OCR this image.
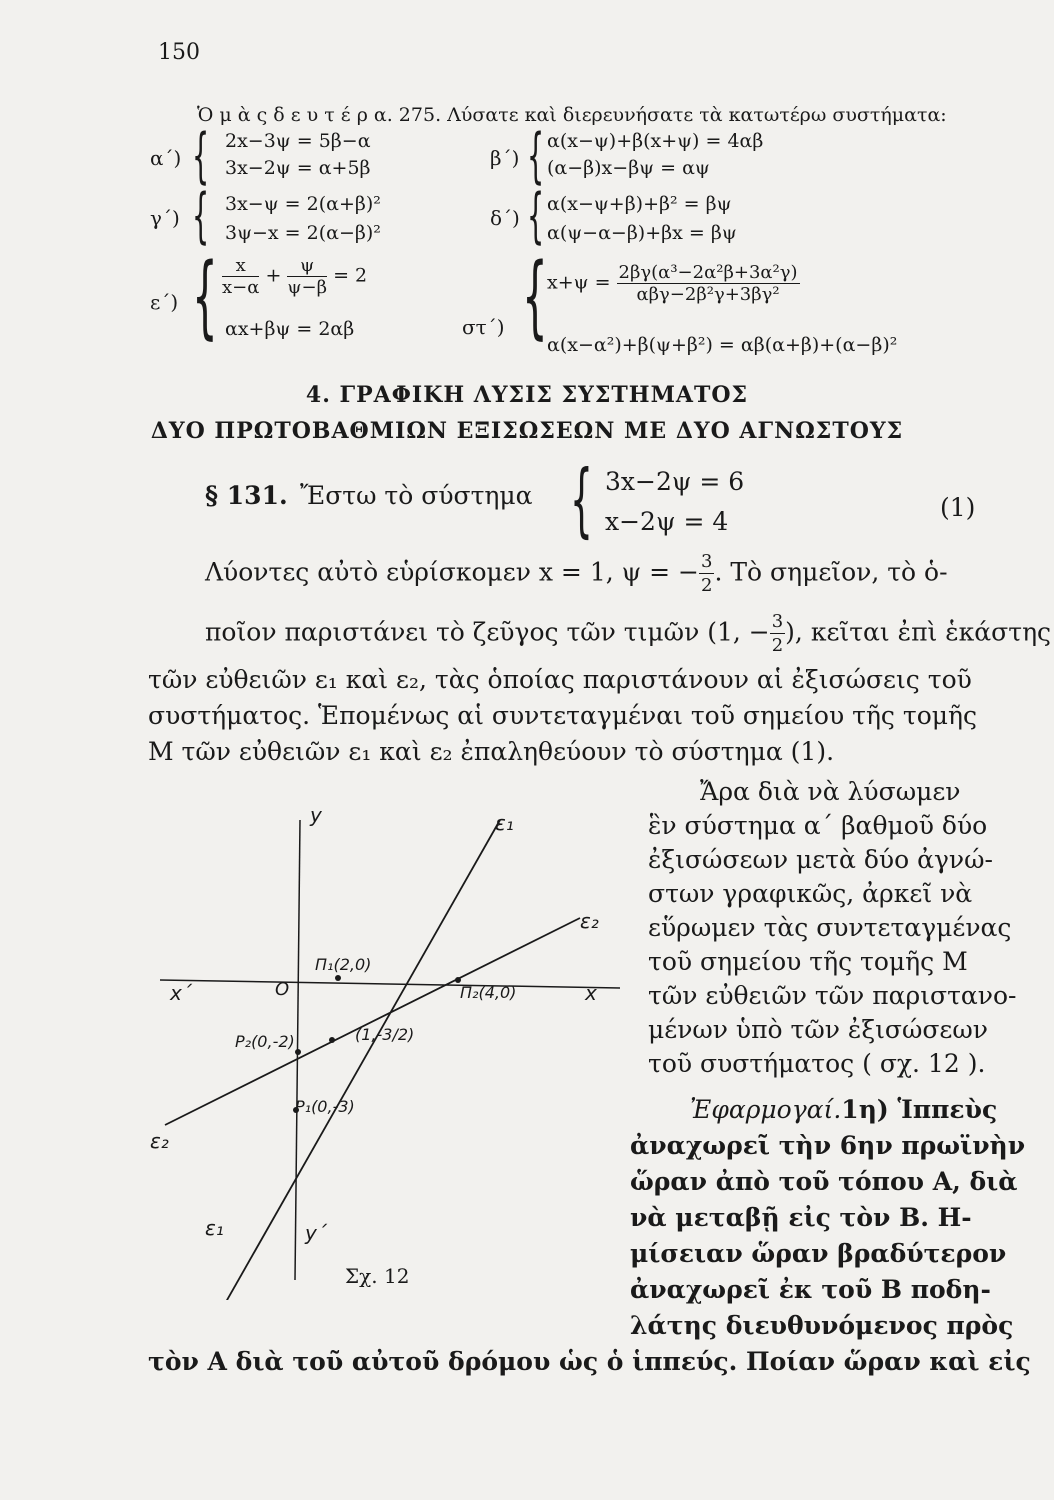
150
Ὁ μ ὰ ς δ ε υ τ έ ρ α. 275. Λύσατε καὶ διερευνήσατε τὰ κατωτέρω συστήματα:
α΄) { 2x−3ψ = 5β−α
3x−2ψ = α+5β	β΄) { α(x−ψ)+β(x+ψ) = 4αβ
(α−β)x−βψ = αψ
γ΄) { 3x−ψ = 2(α+β)²
3ψ−x = 2(α−β)²
δ΄) { α(x−ψ+β)+β² = βψ
α(ψ−α−β)+βx = βψ
ε΄) { $\frac{x}{x-\alpha} + \frac{\psi}{\psi-\beta} = 2$
αx+βψ = 2αβ	στ΄) { $x+\psi = \frac{\text{2βγ(α³−2α²β+3α²γ)}}{\text{αβγ−2β²γ+3βγ²}}$
α(x−α²)+β(ψ+β²) = αβ(α+β)+(α−β)²
4. ΓΡΑΦΙΚΗ ΛΥΣΙΣ ΣΥΣΤΗΜΑΤΟΣ
ΔΥΟ ΠΡΩΤΟΒΑΘΜΙΩΝ ΕΞΙΣΩΣΕΩΝ ΜΕ ΔΥΟ ΑΓΝΩΣΤΟΥΣ
§ 131. Ἔστω τὸ σύστημα { 3x−2ψ = 6
x−2ψ = 4	(1)
Λύοντες αὐτὸ εὑρίσκομεν x = 1, ψ = − $\frac{3}{2}$ . Τὸ σημεῖον, τὸ ὁ-
ποῖον παριστάνει τὸ ζεῦγος τῶν τιμῶν (1, − $\frac{3}{2}$ ), κεῖται ἐπὶ ἑκάστης
τῶν εὐθειῶν ε₁ καὶ ε₂, τὰς ὁποίας παριστάνουν αἱ ἐξισώσεις τοῦ
συστήματος. Ἑπομένως αἱ συντεταγμέναι τοῦ σημείου τῆς τομῆς
Μ τῶν εὐθειῶν ε₁ καὶ ε₂ ἐπαληθεύουν τὸ σύστημα (1).
Ἄρα διὰ νὰ λύσωμεν
ἓν σύστημα α΄ βαθμοῦ δύο
ἐξισώσεων μετὰ δύο ἀγνώ-
στων γραφικῶς, ἀρκεῖ νὰ
εὕρωμεν τὰς συντεταγμένας
τοῦ σημείου τῆς τομῆς Μ
τῶν εὐθειῶν τῶν παριστανο-
μένων ὑπὸ τῶν ἐξισώσεων
τοῦ συστήματος ( σχ. 12 ).
Ἐφαρμογαί.1η) Ἱππεὺς
ἀναχωρεῖ τὴν 6ην πρωϊνὴν
ὥραν ἀπὸ τοῦ τόπου Α, διὰ
νὰ μεταβῇ εἰς τὸν Β. Η-
μίσειαν ὥραν βραδύτερον
ἀναχωρεῖ ἐκ τοῦ Β ποδη-
λάτης διευθυνόμενος πρὸς
τὸν Α διὰ τοῦ αὐτοῦ δρόμου ὡς ὁ ἱππεύς. Ποίαν ὥραν καὶ εἰς
y
y΄
x
x΄	O
ε₁
ε₁
ε₂
ε₂
Π₁(2,0)
Π₂(4,0)
P₂(0,-2)
P₁(0,-3)
(1,-3/2)
Σχ. 12
